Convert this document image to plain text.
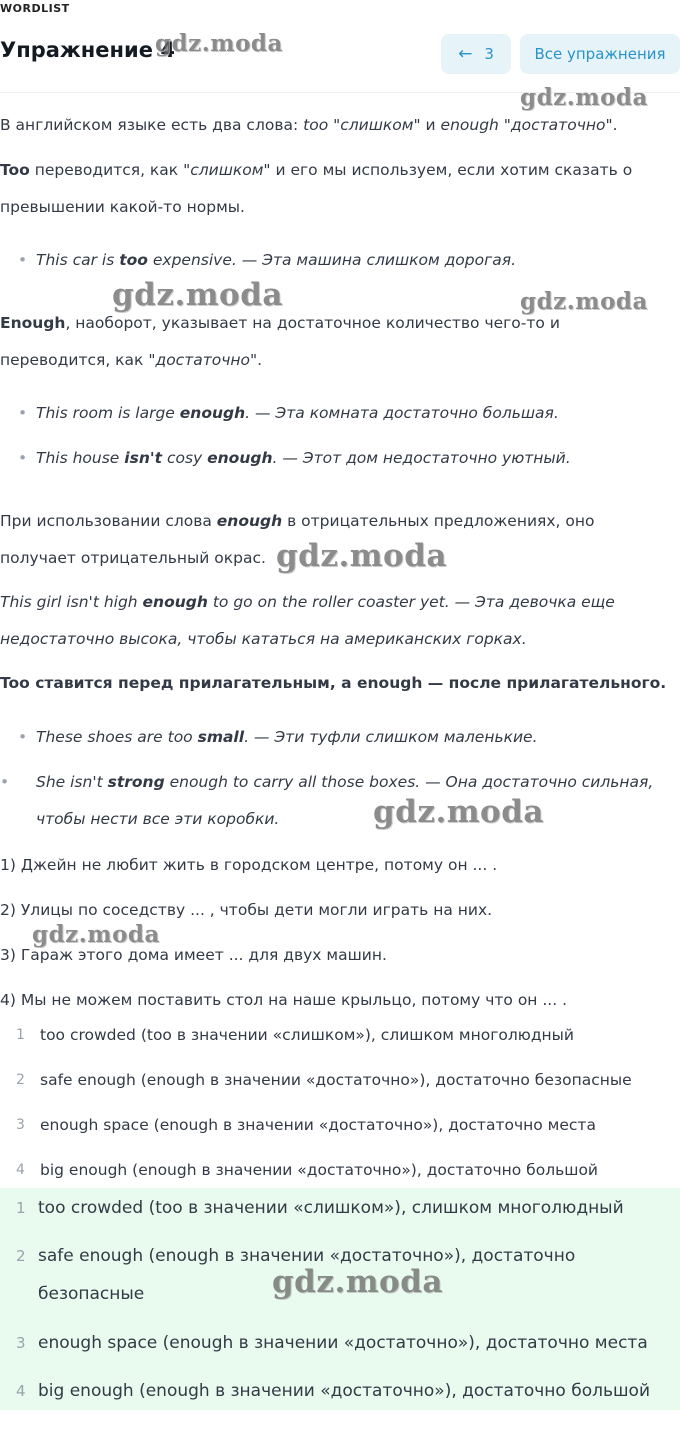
В английском языке есть два слова: too "слишком" и enough "достаточно".

Too переводится, как "слишком" и его мы используем, если хотим сказать о превышении какой-то нормы.

• This car is too expensive. — Эта машина слишком дорогая.

Enough, наоборот, указывает на достаточное количество чего-то и переводится, как "достаточно".

• This room is large enough. — Эта комната достаточно большая.

• This house isn't cosy enough. — Этот дом недостаточно уютный.

При использовании слова enough в отрицательных предложениях, оно получает отрицательный окрас.

This girl isn't high enough to go on the roller coaster yet. — Эта девочка еще недостаточно высока, чтобы кататься на американских горках.

Too ставится перед прилагательным, а enough — после прилагательного.

• These shoes are too small. — Эти туфли слишком маленькие.

• She isn't strong enough to carry all those boxes. — Она достаточно сильная, чтобы нести все эти коробки.

1) Джейн не любит жить в городском центре, потому он ... .

2) Улицы по соседству ... , чтобы дети могли играть на них.

3) Гараж этого дома имеет ... для двух машин.

4) Мы не можем поставить стол на наше крыльцо, потому что он ... .

1 too crowded (too в значении «слишком»), слишком многолюдный
2 safe enough (enough в значении «достаточно»), достаточно безопасные
3 enough space (enough в значении «достаточно»), достаточно места
4 big enough (enough в значении «достаточно»), достаточно большой
1 too crowded (too в значении «слишком»), слишком многолюдный
2 safe enough (enough в значении «достаточно»), достаточно безопасные
3 enough space (enough в значении «достаточно»), достаточно места
4 big enough (enough в значении «достаточно»), достаточно большой
WORDLIST
Упражнение 4	← 3	Все упражнения
gdz.moda
gdz.moda
gdz.moda	gdz.moda
gdz.moda
gdz.moda
gdz.moda
gdz.moda
